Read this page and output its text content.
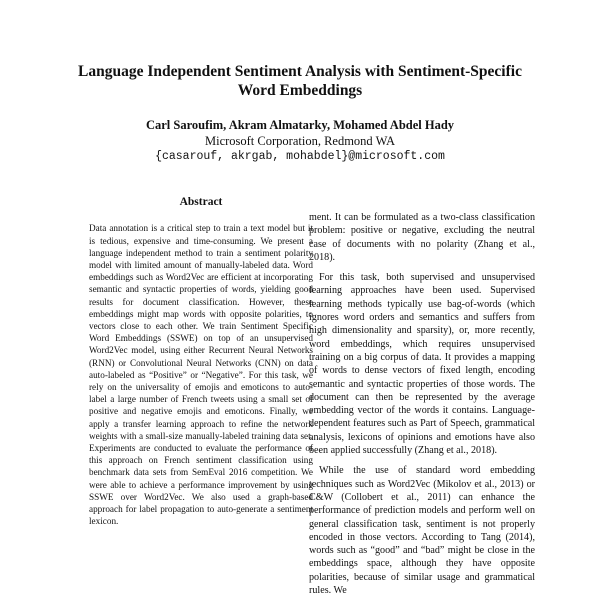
Language Independent Sentiment Analysis with Sentiment-Specific Word Embeddings
Carl Saroufim, Akram Almatarky, Mohamed Abdel Hady
Microsoft Corporation, Redmond WA
{casarouf, akrgab, mohabdel}@microsoft.com
Abstract

Data annotation is a critical step to train a text model but it is tedious, expensive and time-consuming. We present a language independent method to train a sentiment polarity model with limited amount of manually-labeled data. Word embeddings such as Word2Vec are efficient at incorporating semantic and syntactic properties of words, yielding good results for document classification. However, these embeddings might map words with opposite polarities, to vectors close to each other. We train Sentiment Specific Word Embeddings (SSWE) on top of an unsupervised Word2Vec model, using either Recurrent Neural Networks (RNN) or Convolutional Neural Networks (CNN) on data auto-labeled as “Positive” or “Negative”. For this task, we rely on the universality of emojis and emoticons to auto-label a large number of French tweets using a small set of positive and negative emojis and emoticons. Finally, we apply a transfer learning approach to refine the network weights with a small-size manually-labeled training data set. Experiments are conducted to evaluate the performance of this approach on French sentiment classification using benchmark data sets from SemEval 2016 competition. We were able to achieve a performance improvement by using SSWE over Word2Vec. We also used a graph-based approach for label propagation to auto-generate a sentiment lexicon.

ment. It can be formulated as a two-class classification problem: positive or negative, excluding the neutral case of documents with no polarity (Zhang et al., 2018).

For this task, both supervised and unsupervised learning approaches have been used. Supervised learning methods typically use bag-of-words (which ignores word orders and semantics and suffers from high dimensionality and sparsity), or, more recently, word embeddings, which requires unsupervised training on a big corpus of data. It provides a mapping of words to dense vectors of fixed length, encoding semantic and syntactic properties of those words. The document can then be represented by the average embedding vector of the words it contains. Language-dependent features such as Part of Speech, grammatical analysis, lexicons of opinions and emotions have also been applied successfully (Zhang et al., 2018).

While the use of standard word embedding techniques such as Word2Vec (Mikolov et al., 2013) or C&W (Collobert et al., 2011) can enhance the performance of prediction models and perform well on general classification task, sentiment is not properly encoded in those vectors. According to Tang (2014), words such as “good” and “bad” might be close in the embeddings space, although they have opposite polarities, because of similar usage and grammatical rules. We
